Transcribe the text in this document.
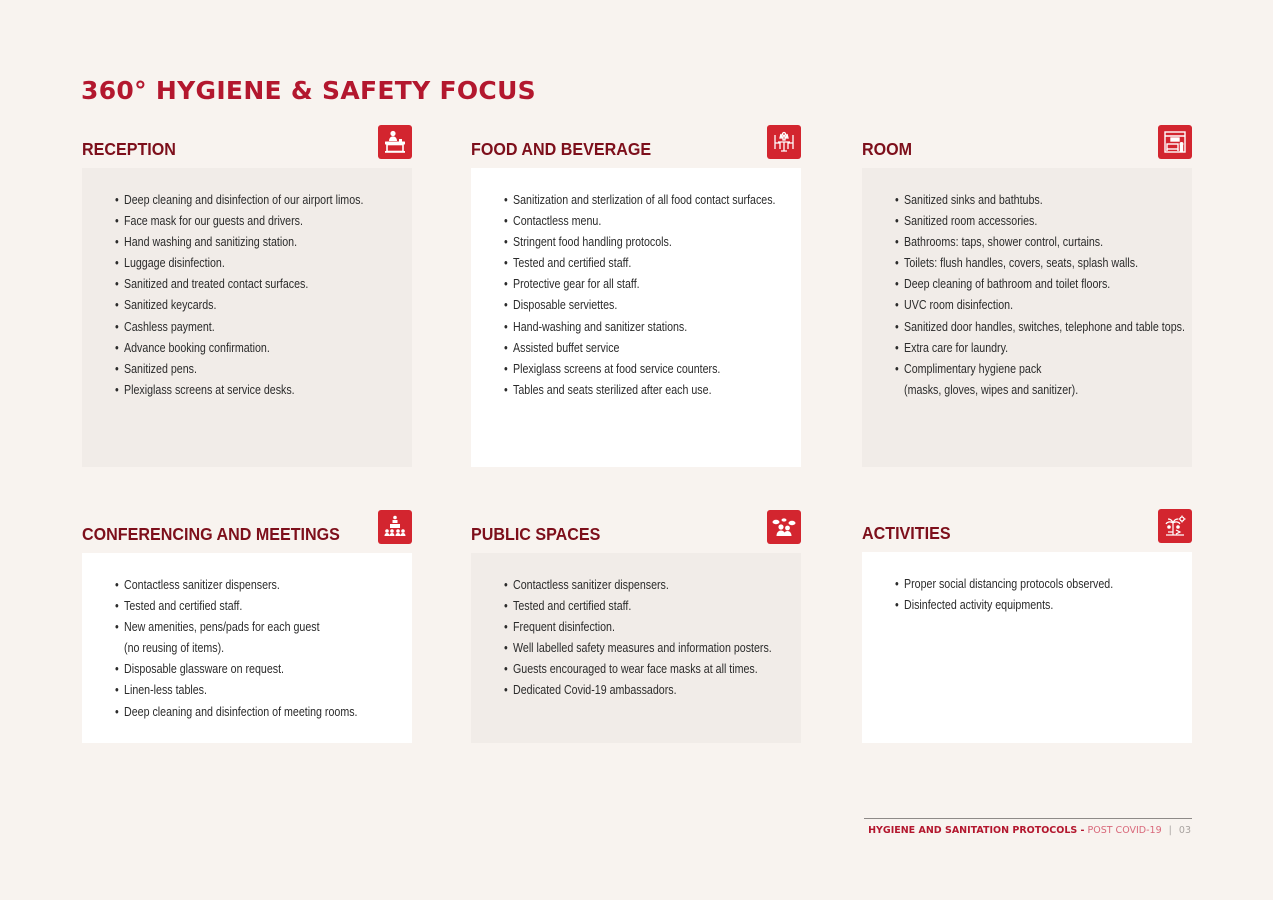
360° HYGIENE & SAFETY FOCUS
RECEPTION
• Deep cleaning and disinfection of our airport limos.
• Face mask for our guests and drivers.
• Hand washing and sanitizing station.
• Luggage disinfection.
• Sanitized and treated contact surfaces.
• Sanitized keycards.
• Cashless payment.
• Advance booking confirmation.
• Sanitized pens.
• Plexiglass screens at service desks.
FOOD AND BEVERAGE
• Sanitization and sterlization of all food contact surfaces.
• Contactless menu.
• Stringent food handling protocols.
• Tested and certified staff.
• Protective gear for all staff.
• Disposable serviettes.
• Hand-washing and sanitizer stations.
• Assisted buffet service
• Plexiglass screens at food service counters.
• Tables and seats sterilized after each use.
ROOM
• Sanitized sinks and bathtubs.
• Sanitized room accessories.
• Bathrooms: taps, shower control, curtains.
• Toilets: flush handles, covers, seats, splash walls.
• Deep cleaning of bathroom and toilet floors.
• UVC room disinfection.
• Sanitized door handles, switches, telephone and table tops.
• Extra care for laundry.
• Complimentary hygiene pack
(masks, gloves, wipes and sanitizer).
CONFERENCING AND MEETINGS
• Contactless sanitizer dispensers.
• Tested and certified staff.
• New amenities, pens/pads for each guest
(no reusing of items).
• Disposable glassware on request.
• Linen-less tables.
• Deep cleaning and disinfection of meeting rooms.
PUBLIC SPACES
• Contactless sanitizer dispensers.
• Tested and certified staff.
• Frequent disinfection.
• Well labelled safety measures and information posters.
• Guests encouraged to wear face masks at all times.
• Dedicated Covid-19 ambassadors.
ACTIVITIES
• Proper social distancing protocols observed.
• Disinfected activity equipments.
HYGIENE AND SANITATION PROTOCOLS - POST COVID-19 | 03
